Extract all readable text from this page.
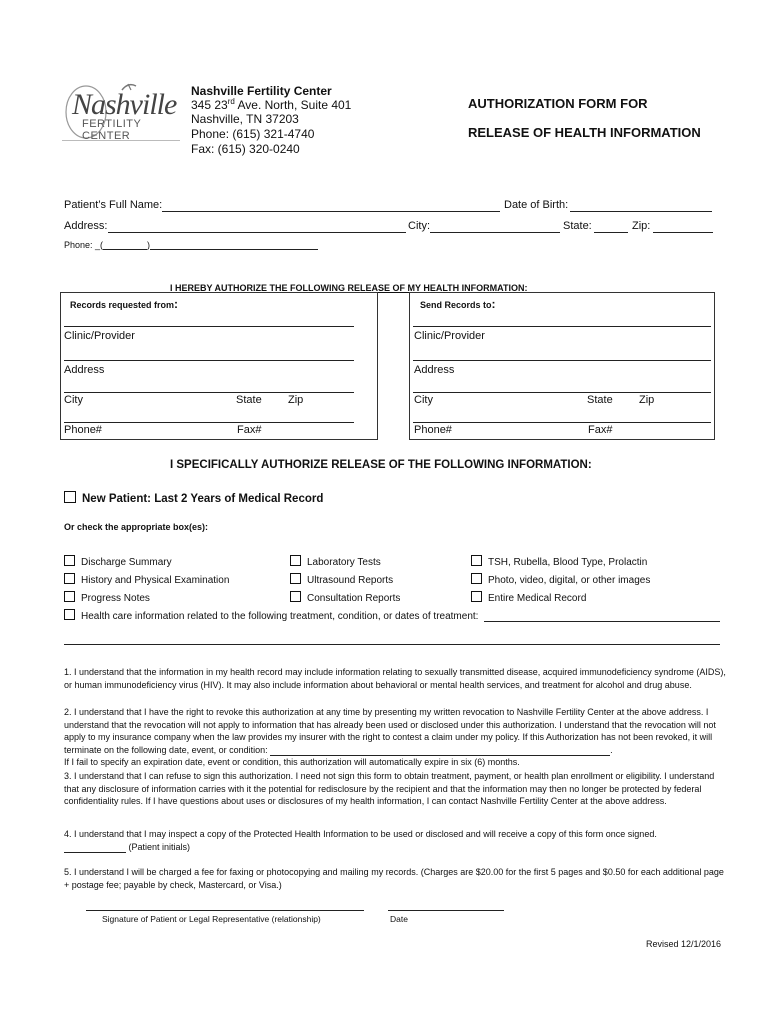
Nashville
FERTILITY CENTER
Nashville Fertility Center
345 23rd Ave. North, Suite 401
Nashville, TN 37203
Phone: (615) 321-4740
Fax: (615) 320-0240
AUTHORIZATION FORM FOR
RELEASE OF HEALTH INFORMATION
Patient’s Full Name:	Date of Birth:
Address:	City:	State:	Zip:
Phone: _(	)
I HEREBY AUTHORIZE THE FOLLOWING RELEASE OF MY HEALTH INFORMATION:
Records requested from:
Clinic/Provider
Address
City	State Zip
Phone#	Fax#
Send Records to:
Clinic/Provider
Address
City	State Zip
Phone#	Fax#
I SPECIFICALLY AUTHORIZE RELEASE OF THE FOLLOWING INFORMATION:
New Patient: Last 2 Years of Medical Record
Or check the appropriate box(es):
Discharge Summary
History and Physical Examination
Progress Notes
Laboratory Tests
Ultrasound Reports
Consultation Reports
TSH, Rubella, Blood Type, Prolactin
Photo, video, digital, or other images
Entire Medical Record
Health care information related to the following treatment, condition, or dates of treatment:
1. I understand that the information in my health record may include information relating to sexually transmitted disease, acquired immunodeficiency syndrome (AIDS), or human immunodeficiency virus (HIV). It may also include information about behavioral or mental health services, and treatment for alcohol and drug abuse.
2. I understand that I have the right to revoke this authorization at any time by presenting my written revocation to Nashville Fertility Center at the above address. I understand that the revocation will not apply to information that has already been used or disclosed under this authorization. I understand that the revocation will not apply to my insurance company when the law provides my insurer with the right to contest a claim under my policy. If this Authorization has not been revoked, it will terminate on the following date, event, or condition:	.
If I fail to specify an expiration date, event or condition, this authorization will automatically expire in six (6) months.
3. I understand that I can refuse to sign this authorization. I need not sign this form to obtain treatment, payment, or health plan enrollment or eligibility. I understand that any disclosure of information carries with it the potential for redisclosure by the recipient and that the information may then no longer be protected by federal confidentiality rules. If I have questions about uses or disclosures of my health information, I can contact Nashville Fertility Center at the above address.
4. I understand that I may inspect a copy of the Protected Health Information to be used or disclosed and will receive a copy of this form once signed.
(Patient initials)
5. I understand I will be charged a fee for faxing or photocopying and mailing my records. (Charges are $20.00 for the first 5 pages and $0.50 for each additional page + postage fee; payable by check, Mastercard, or Visa.)
Signature of Patient or Legal Representative (relationship)	Date
Revised 12/1/2016
